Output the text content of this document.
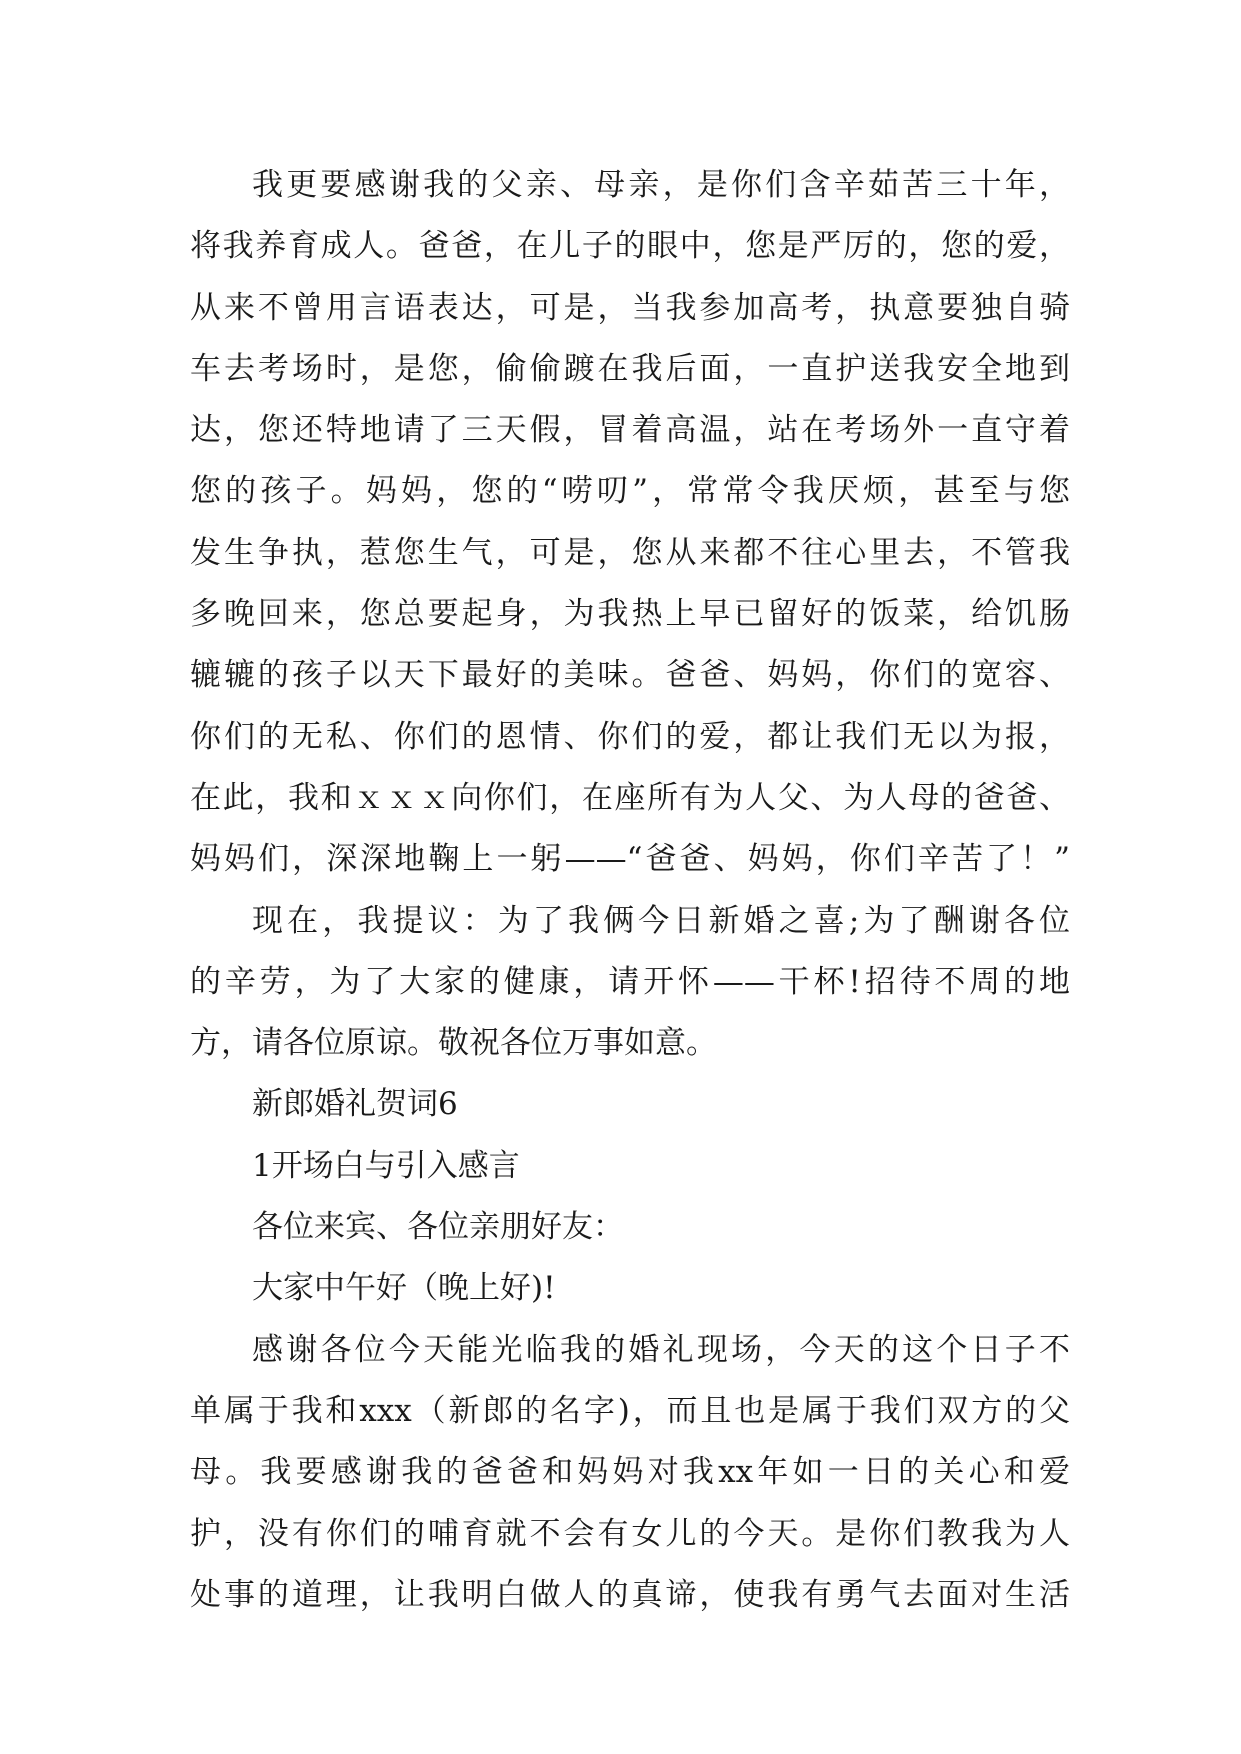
我更要感谢我的父亲、母亲，是你们含辛茹苦三十年，
将我养育成人。爸爸，在儿子的眼中，您是严厉的，您的爱，
从来不曾用言语表达，可是，当我参加高考，执意要独自骑
车去考场时，是您，偷偷踱在我后面，一直护送我安全地到
达，您还特地请了三天假，冒着高温，站在考场外一直守着
您的孩子。妈妈，您的“唠叨”，常常令我厌烦，甚至与您
发生争执，惹您生气，可是，您从来都不往心里去，不管我
多晚回来，您总要起身，为我热上早已留好的饭菜，给饥肠
辘辘的孩子以天下最好的美味。爸爸、妈妈，你们的宽容、
你们的无私、你们的恩情、你们的爱，都让我们无以为报，
在此，我和ｘｘｘ向你们，在座所有为人父、为人母的爸爸、
妈妈们，深深地鞠上一躬——“爸爸、妈妈，你们辛苦了！”
现在，我提议：为了我俩今日新婚之喜;为了酬谢各位
的辛劳，为了大家的健康，请开怀——干杯!招待不周的地
方，请各位原谅。敬祝各位万事如意。
新郎婚礼贺词6
1开场白与引入感言
各位来宾、各位亲朋好友：
大家中午好（晚上好)!
感谢各位今天能光临我的婚礼现场，今天的这个日子不
单属于我和xxx（新郎的名字)，而且也是属于我们双方的父
母。我要感谢我的爸爸和妈妈对我xx年如一日的关心和爱
护，没有你们的哺育就不会有女儿的今天。是你们教我为人
处事的道理，让我明白做人的真谛，使我有勇气去面对生活
